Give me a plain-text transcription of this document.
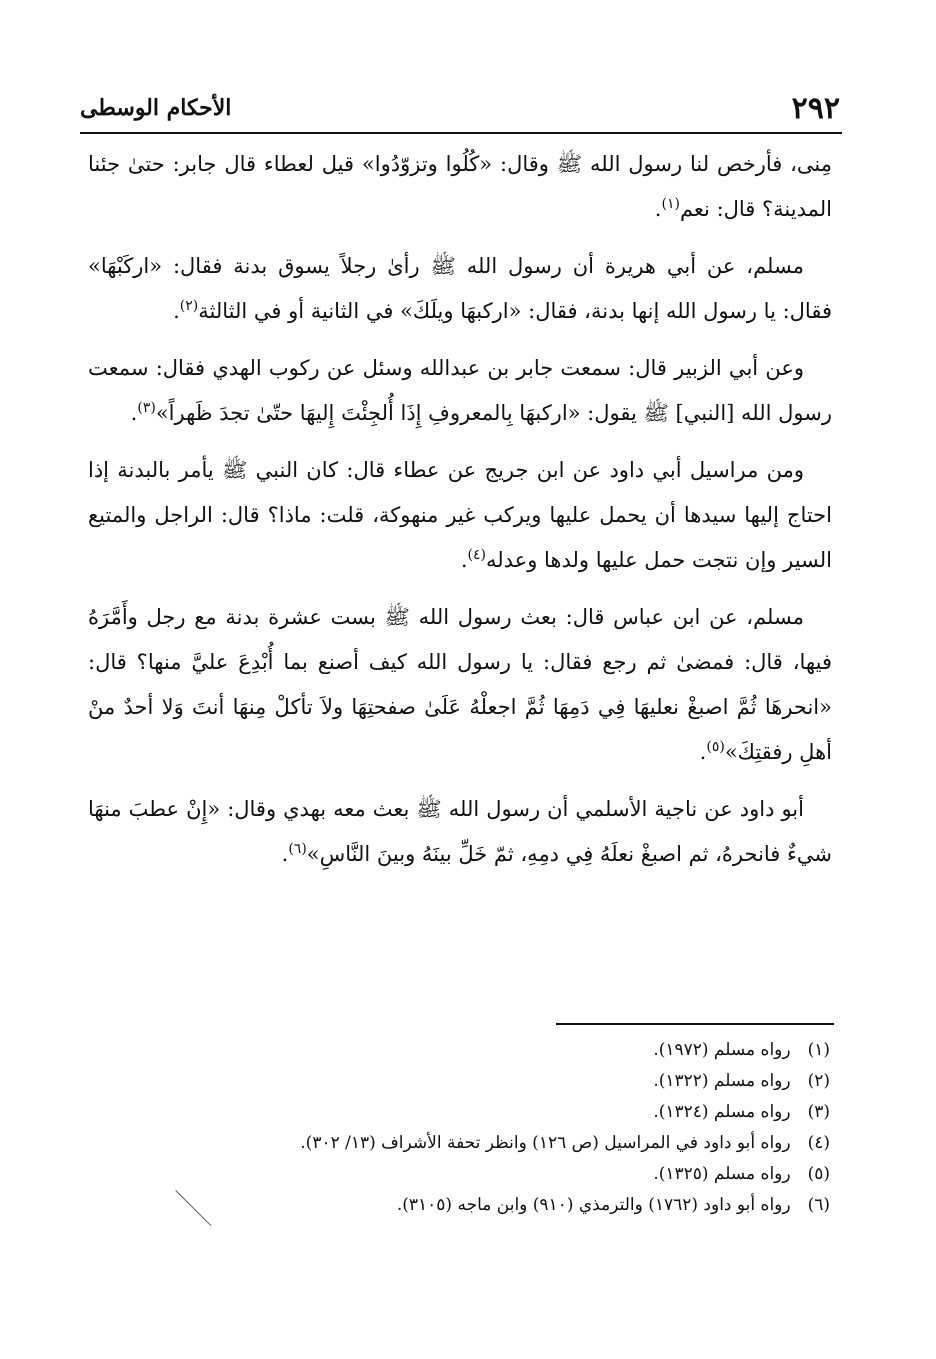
٢٩٢
الأحكام الوسطى

مِنى، فأرخص لنا رسول الله ﷺ وقال: «كُلُوا وتزوّدُوا» قيل لعطاء قال جابر: حتىٰ جئنا المدينة؟ قال: نعم$^{(١)}$.

مسلم، عن أبي هريرة أن رسول الله ﷺ رأىٰ رجلاً يسوق بدنة فقال: «اركَبْهَا» فقال: يا رسول الله إنها بدنة، فقال: «اركبهَا ويلَكَ» في الثانية أو في الثالثة$^{(٢)}$.

وعن أبي الزبير قال: سمعت جابر بن عبدالله وسئل عن ركوب الهدي فقال: سمعت رسول الله [النبي] ﷺ يقول: «اركبهَا بِالمعروفِ إِذَا أُلجِئْتَ إِليهَا حتّىٰ تجدَ ظَهراً»$^{(٣)}$.

ومن مراسيل أبي داود عن ابن جريج عن عطاء قال: كان النبي ﷺ يأمر بالبدنة إذا احتاج إليها سيدها أن يحمل عليها ويركب غير منهوكة، قلت: ماذا؟ قال: الراجل والمتيع السير وإن نتجت حمل عليها ولدها وعدله$^{(٤)}$.

مسلم، عن ابن عباس قال: بعث رسول الله ﷺ بست عشرة بدنة مع رجل وأَمَّرَهُ فيها، قال: فمضىٰ ثم رجع فقال: يا رسول الله كيف أصنع بما أُبْدِعَ عليَّ منها؟ قال: «انحرهَا ثُمَّ اصبغْ نعليهَا فِي دَمِهَا ثُمَّ اجعلْهُ عَلَىٰ صفحتِهَا ولاَ تأكلْ مِنهَا أنتَ وَلا أحدٌ منْ أهلِ رفقتِكَ»$^{(٥)}$.

أبو داود عن ناجية الأسلمي أن رسول الله ﷺ بعث معه بهدي وقال: «إِنْ عطبَ منهَا شيءٌ فانحرهُ، ثم اصبغْ نعلَهُ فِي دمِهِ، ثمّ خَلِّ بينَهُ وبينَ النَّاسِ»$^{(٦)}$.

(١) رواه مسلم (١٩٧٢).

(٢) رواه مسلم (١٣٢٢).

(٣) رواه مسلم (١٣٢٤).

(٤) رواه أبو داود في المراسيل (ص ١٢٦) وانظر تحفة الأشراف (١٣/ ٣٠٢).

(٥) رواه مسلم (١٣٢٥).

(٦) رواه أبو داود (١٧٦٢) والترمذي (٩١٠) وابن ماجه (٣١٠٥).
